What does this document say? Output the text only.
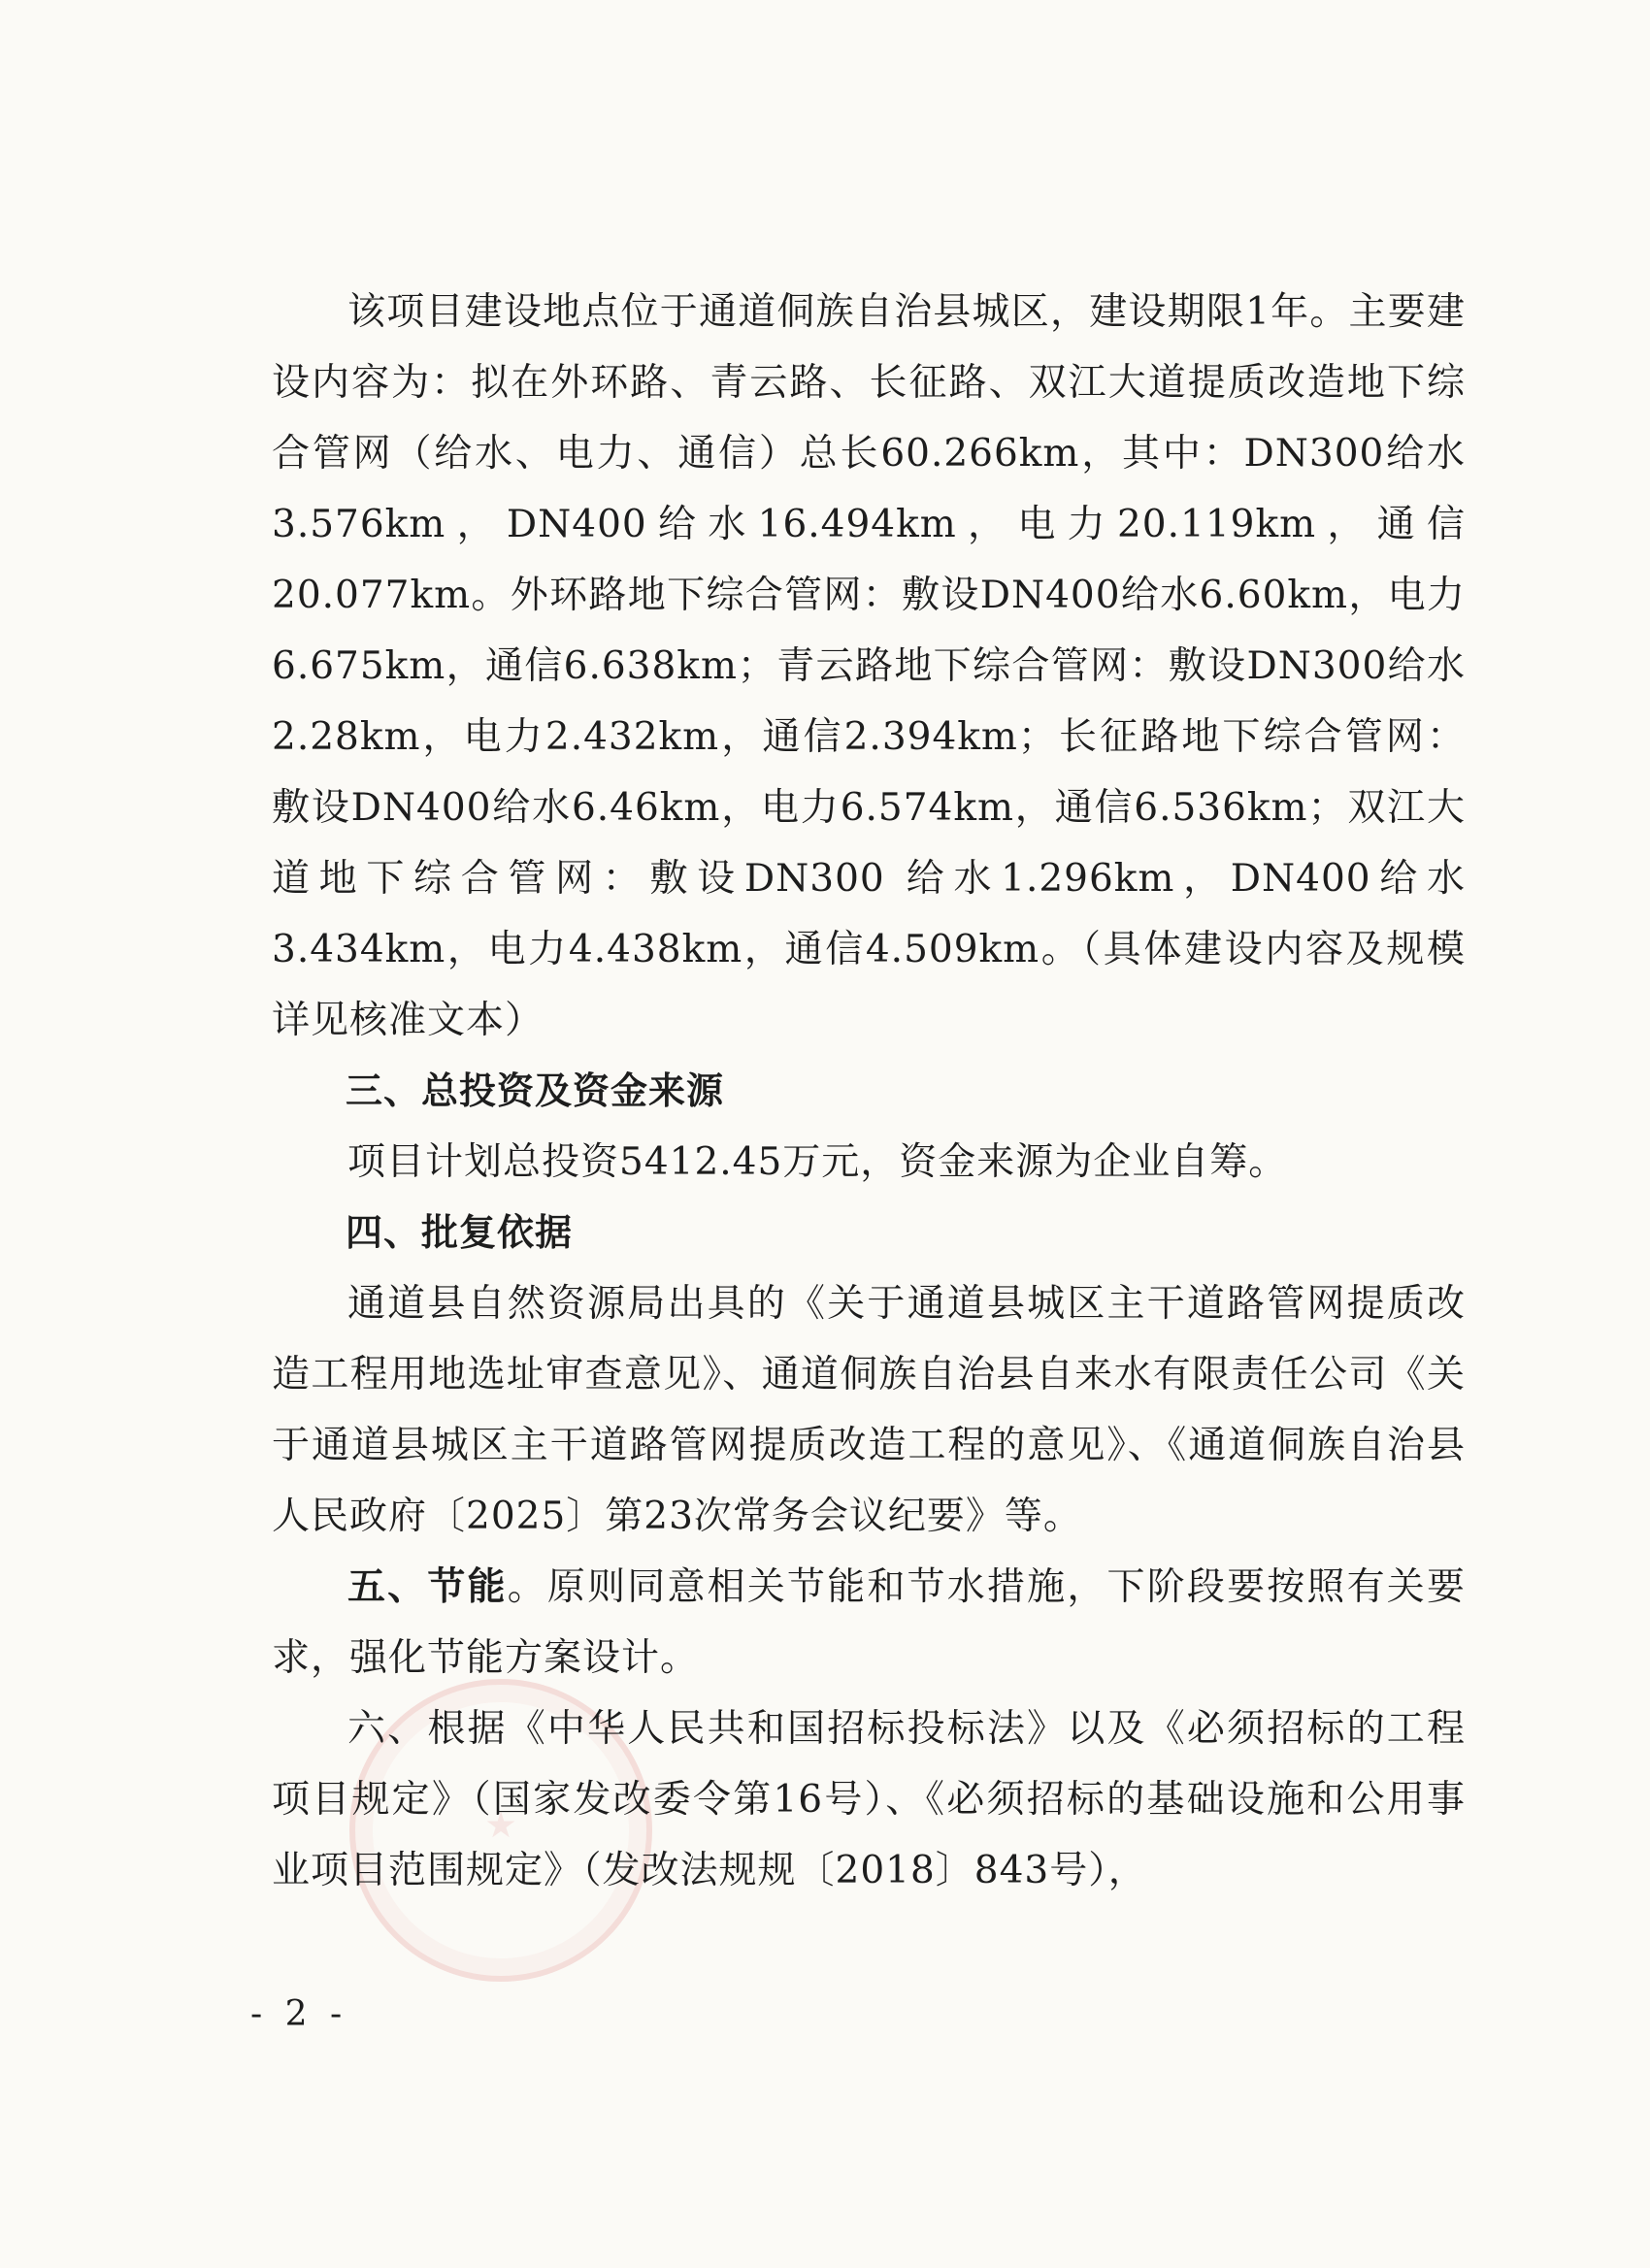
该项目建设地点位于通道侗族自治县城区，建设期限1年。主要建设内容为：拟在外环路、青云路、长征路、双江大道提质改造地下综合管网（给水、电力、通信）总长60.266km，其中：DN300给水3.576km，DN400给水16.494km，电力20.119km，通信20.077km。外环路地下综合管网：敷设DN400给水6.60km，电力6.675km，通信6.638km；青云路地下综合管网：敷设DN300给水2.28km，电力2.432km，通信2.394km；长征路地下综合管网：敷设DN400给水6.46km，电力6.574km，通信6.536km；双江大道地下综合管网：敷设DN300 给水1.296km，DN400给水3.434km，电力4.438km，通信4.509km。（具体建设内容及规模详见核准文本）

三、总投资及资金来源

项目计划总投资5412.45万元，资金来源为企业自筹。

四、批复依据

通道县自然资源局出具的《关于通道县城区主干道路管网提质改造工程用地选址审查意见》、通道侗族自治县自来水有限责任公司《关于通道县城区主干道路管网提质改造工程的意见》、《通道侗族自治县人民政府〔2025〕第23次常务会议纪要》等。

五、节能。原则同意相关节能和节水措施，下阶段要按照有关要求，强化节能方案设计。

六、根据《中华人民共和国招标投标法》以及《必须招标的工程项目规定》（国家发改委令第16号）、《必须招标的基础设施和公用事业项目范围规定》（发改法规规〔2018〕843号），

- 2 -
